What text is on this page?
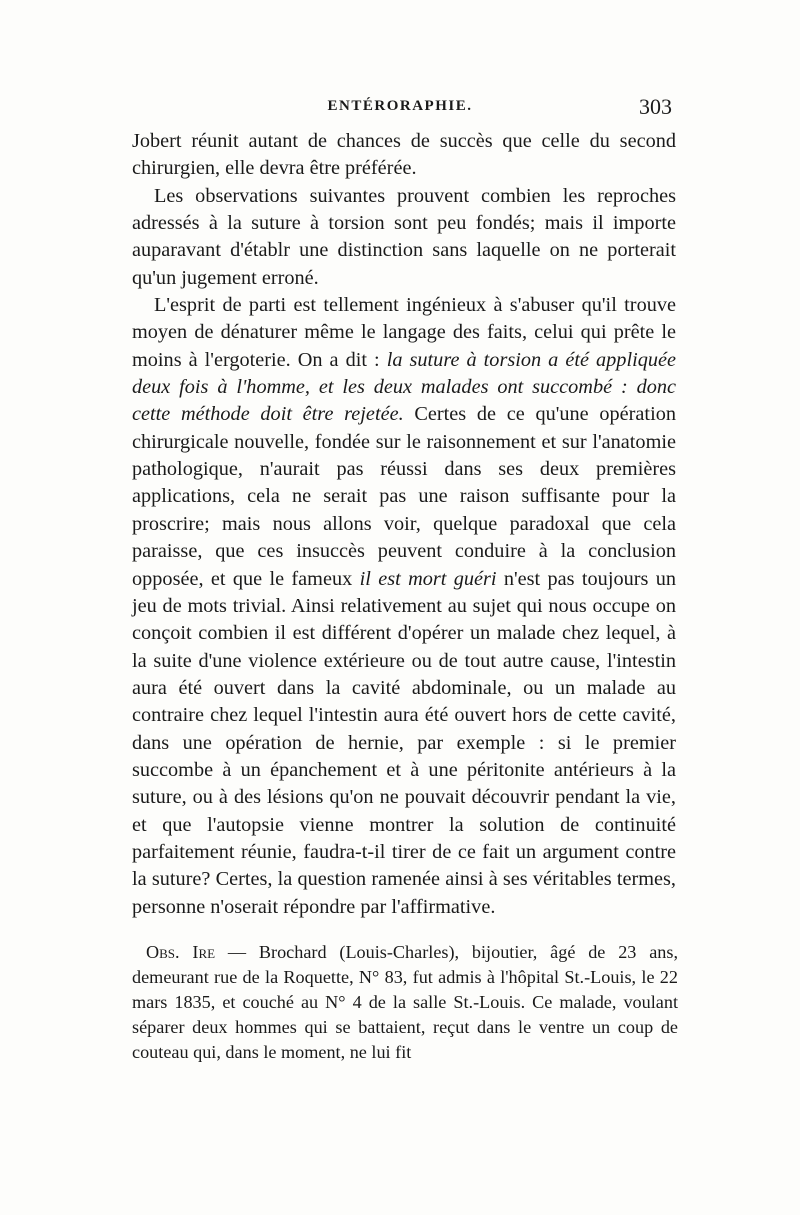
ENTÉRORAPHIE.	303

Jobert réunit autant de chances de succès que celle du second chirurgien, elle devra être préférée.

Les observations suivantes prouvent combien les reproches adressés à la suture à torsion sont peu fondés; mais il importe auparavant d'établr une distinction sans laquelle on ne porterait qu'un jugement erroné.

L'esprit de parti est tellement ingénieux à s'abuser qu'il trouve moyen de dénaturer même le langage des faits, celui qui prête le moins à l'ergoterie. On a dit : la suture à torsion a été appliquée deux fois à l'homme, et les deux malades ont succombé : donc cette méthode doit être rejetée. Certes de ce qu'une opération chirurgicale nouvelle, fondée sur le raisonnement et sur l'anatomie pathologique, n'aurait pas réussi dans ses deux premières applications, cela ne serait pas une raison suffisante pour la proscrire; mais nous allons voir, quelque paradoxal que cela paraisse, que ces insuccès peuvent conduire à la conclusion opposée, et que le fameux il est mort guéri n'est pas toujours un jeu de mots trivial. Ainsi relativement au sujet qui nous occupe on conçoit combien il est différent d'opérer un malade chez lequel, à la suite d'une violence extérieure ou de tout autre cause, l'intestin aura été ouvert dans la cavité abdominale, ou un malade au contraire chez lequel l'intestin aura été ouvert hors de cette cavité, dans une opération de hernie, par exemple : si le premier succombe à un épanchement et à une péritonite antérieurs à la suture, ou à des lésions qu'on ne pouvait découvrir pendant la vie, et que l'autopsie vienne montrer la solution de continuité parfaitement réunie, faudra-t-il tirer de ce fait un argument contre la suture? Certes, la question ramenée ainsi à ses véritables termes, personne n'oserait répondre par l'affirmative.

Obs. Ire — Brochard (Louis-Charles), bijoutier, âgé de 23 ans, demeurant rue de la Roquette, N° 83, fut admis à l'hôpital St.-Louis, le 22 mars 1835, et couché au N° 4 de la salle St.-Louis. Ce malade, voulant séparer deux hommes qui se battaient, reçut dans le ventre un coup de couteau qui, dans le moment, ne lui fit
